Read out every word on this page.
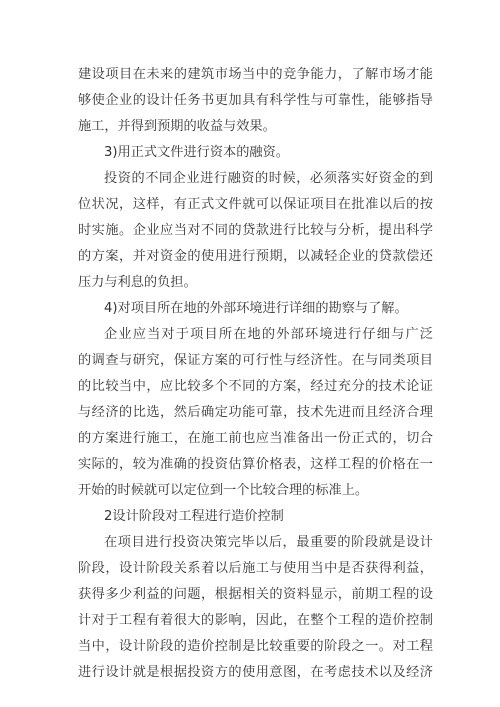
建设项目在未来的建筑市场当中的竞争能力，了解市场才能
够使企业的设计任务书更加具有科学性与可靠性，能够指导
施工，并得到预期的收益与效果。
3)用正式文件进行资本的融资。
投资的不同企业进行融资的时候，必须落实好资金的到
位状况，这样，有正式文件就可以保证项目在批准以后的按
时实施。企业应当对不同的贷款进行比较与分析，提出科学
的方案，并对资金的使用进行预期，以减轻企业的贷款偿还
压力与利息的负担。
4)对项目所在地的外部环境进行详细的勘察与了解。
企业应当对于项目所在地的外部环境进行仔细与广泛
的调查与研究，保证方案的可行性与经济性。在与同类项目
的比较当中，应比较多个不同的方案，经过充分的技术论证
与经济的比选，然后确定功能可靠，技术先进而且经济合理
的方案进行施工，在施工前也应当准备出一份正式的，切合
实际的，较为准确的投资估算价格表，这样工程的价格在一
开始的时候就可以定位到一个比较合理的标准上。
2设计阶段对工程进行造价控制
在项目进行投资决策完毕以后，最重要的阶段就是设计
阶段，设计阶段关系着以后施工与使用当中是否获得利益，
获得多少利益的问题，根据相关的资料显示，前期工程的设
计对于工程有着很大的影响，因此，在整个工程的造价控制
当中，设计阶段的造价控制是比较重要的阶段之一。对工程
进行设计就是根据投资方的使用意图，在考虑技术以及经济
